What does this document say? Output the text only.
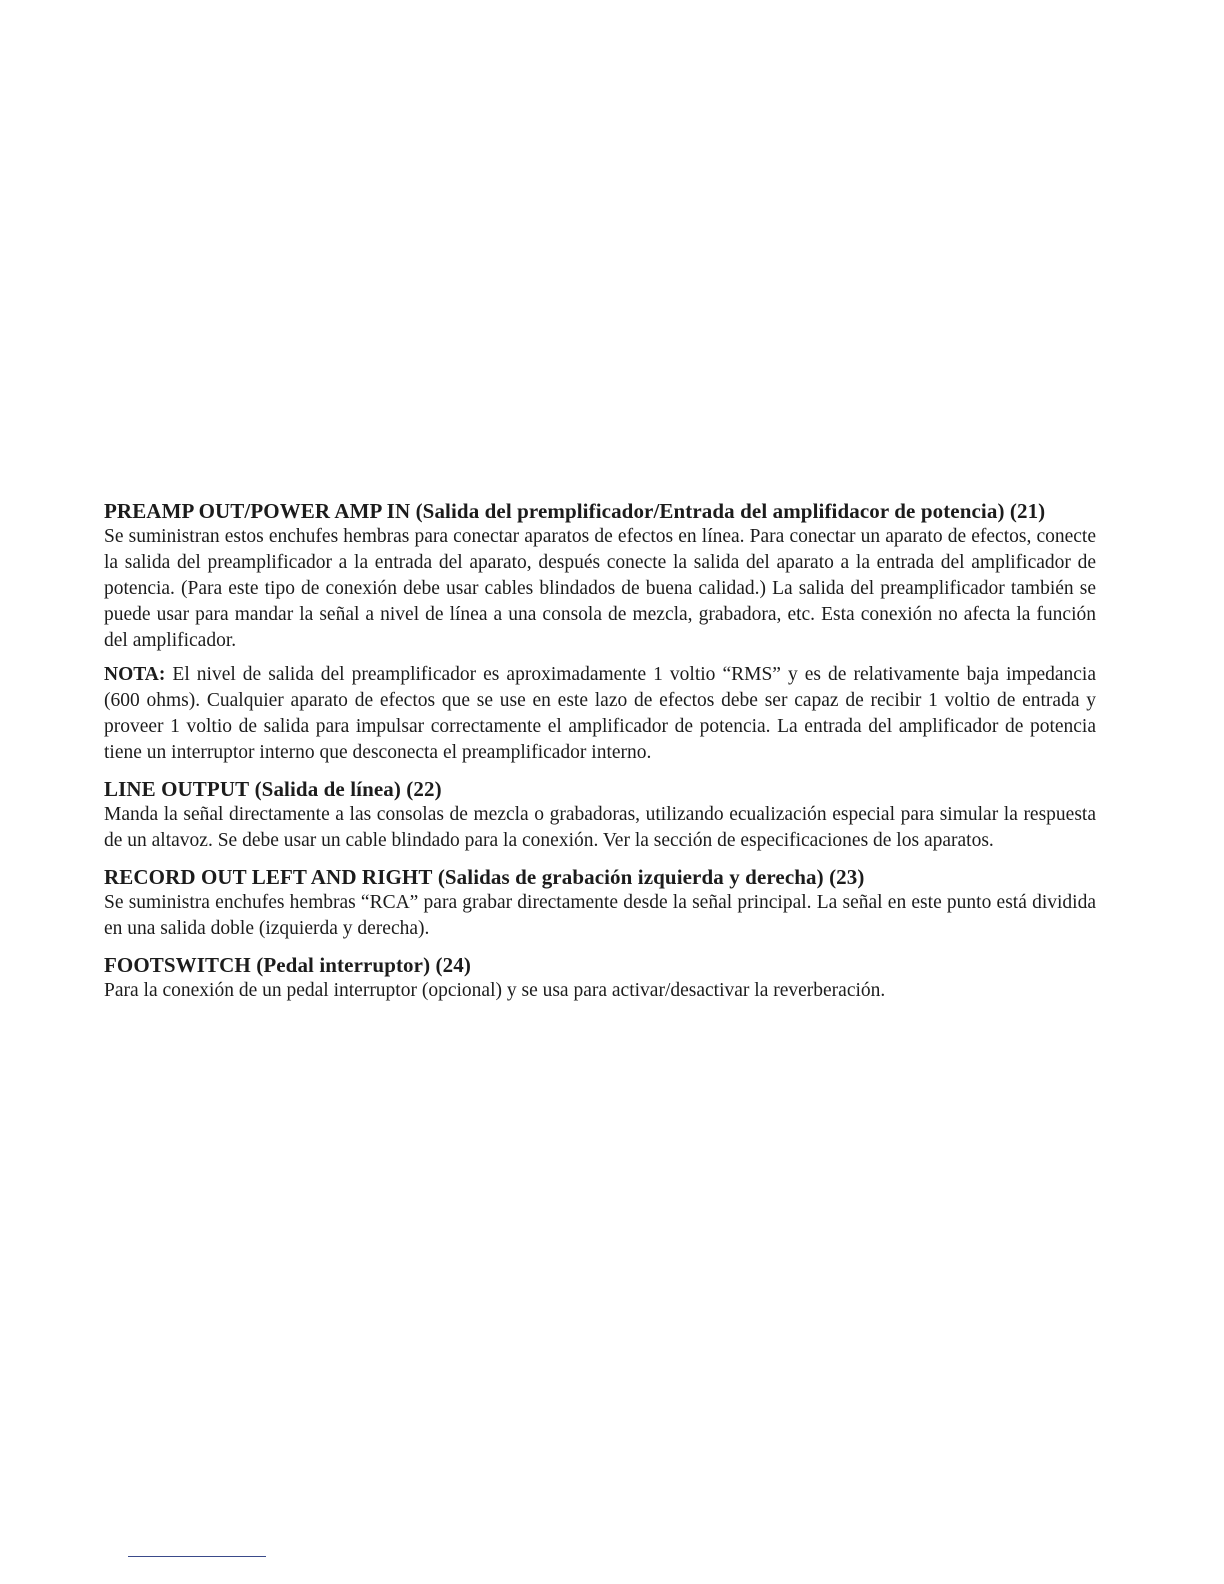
PREAMP OUT/POWER AMP IN (Salida del premplificador/Entrada del amplifidacor de potencia) (21)

Se suministran estos enchufes hembras para conectar aparatos de efectos en línea. Para conectar un aparato de efectos, conecte la salida del preamplificador a la entrada del aparato, después conecte la salida del aparato a la entrada del amplificador de potencia. (Para este tipo de conexión debe usar cables blindados de buena calidad.) La salida del preamplificador también se puede usar para mandar la señal a nivel de línea a una consola de mezcla, grabadora, etc. Esta conexión no afecta la función del amplificador.

NOTA: El nivel de salida del preamplificador es aproximadamente 1 voltio “RMS” y es de relativamente baja impedancia (600 ohms). Cualquier aparato de efectos que se use en este lazo de efectos debe ser capaz de recibir 1 voltio de entrada y proveer 1 voltio de salida para impulsar correctamente el amplificador de potencia. La entrada del amplificador de potencia tiene un interruptor interno que desconecta el preamplificador interno.

LINE OUTPUT (Salida de línea) (22)

Manda la señal directamente a las consolas de mezcla o grabadoras, utilizando ecualización especial para simular la respuesta de un altavoz. Se debe usar un cable blindado para la conexión. Ver la sección de especificaciones de los aparatos.

RECORD OUT LEFT AND RIGHT (Salidas de grabación izquierda y derecha) (23)

Se suministra enchufes hembras “RCA” para grabar directamente desde la señal principal. La señal en este punto está dividida en una salida doble (izquierda y derecha).

FOOTSWITCH (Pedal interruptor) (24)

Para la conexión de un pedal interruptor (opcional) y se usa para activar/desactivar la reverberación.
